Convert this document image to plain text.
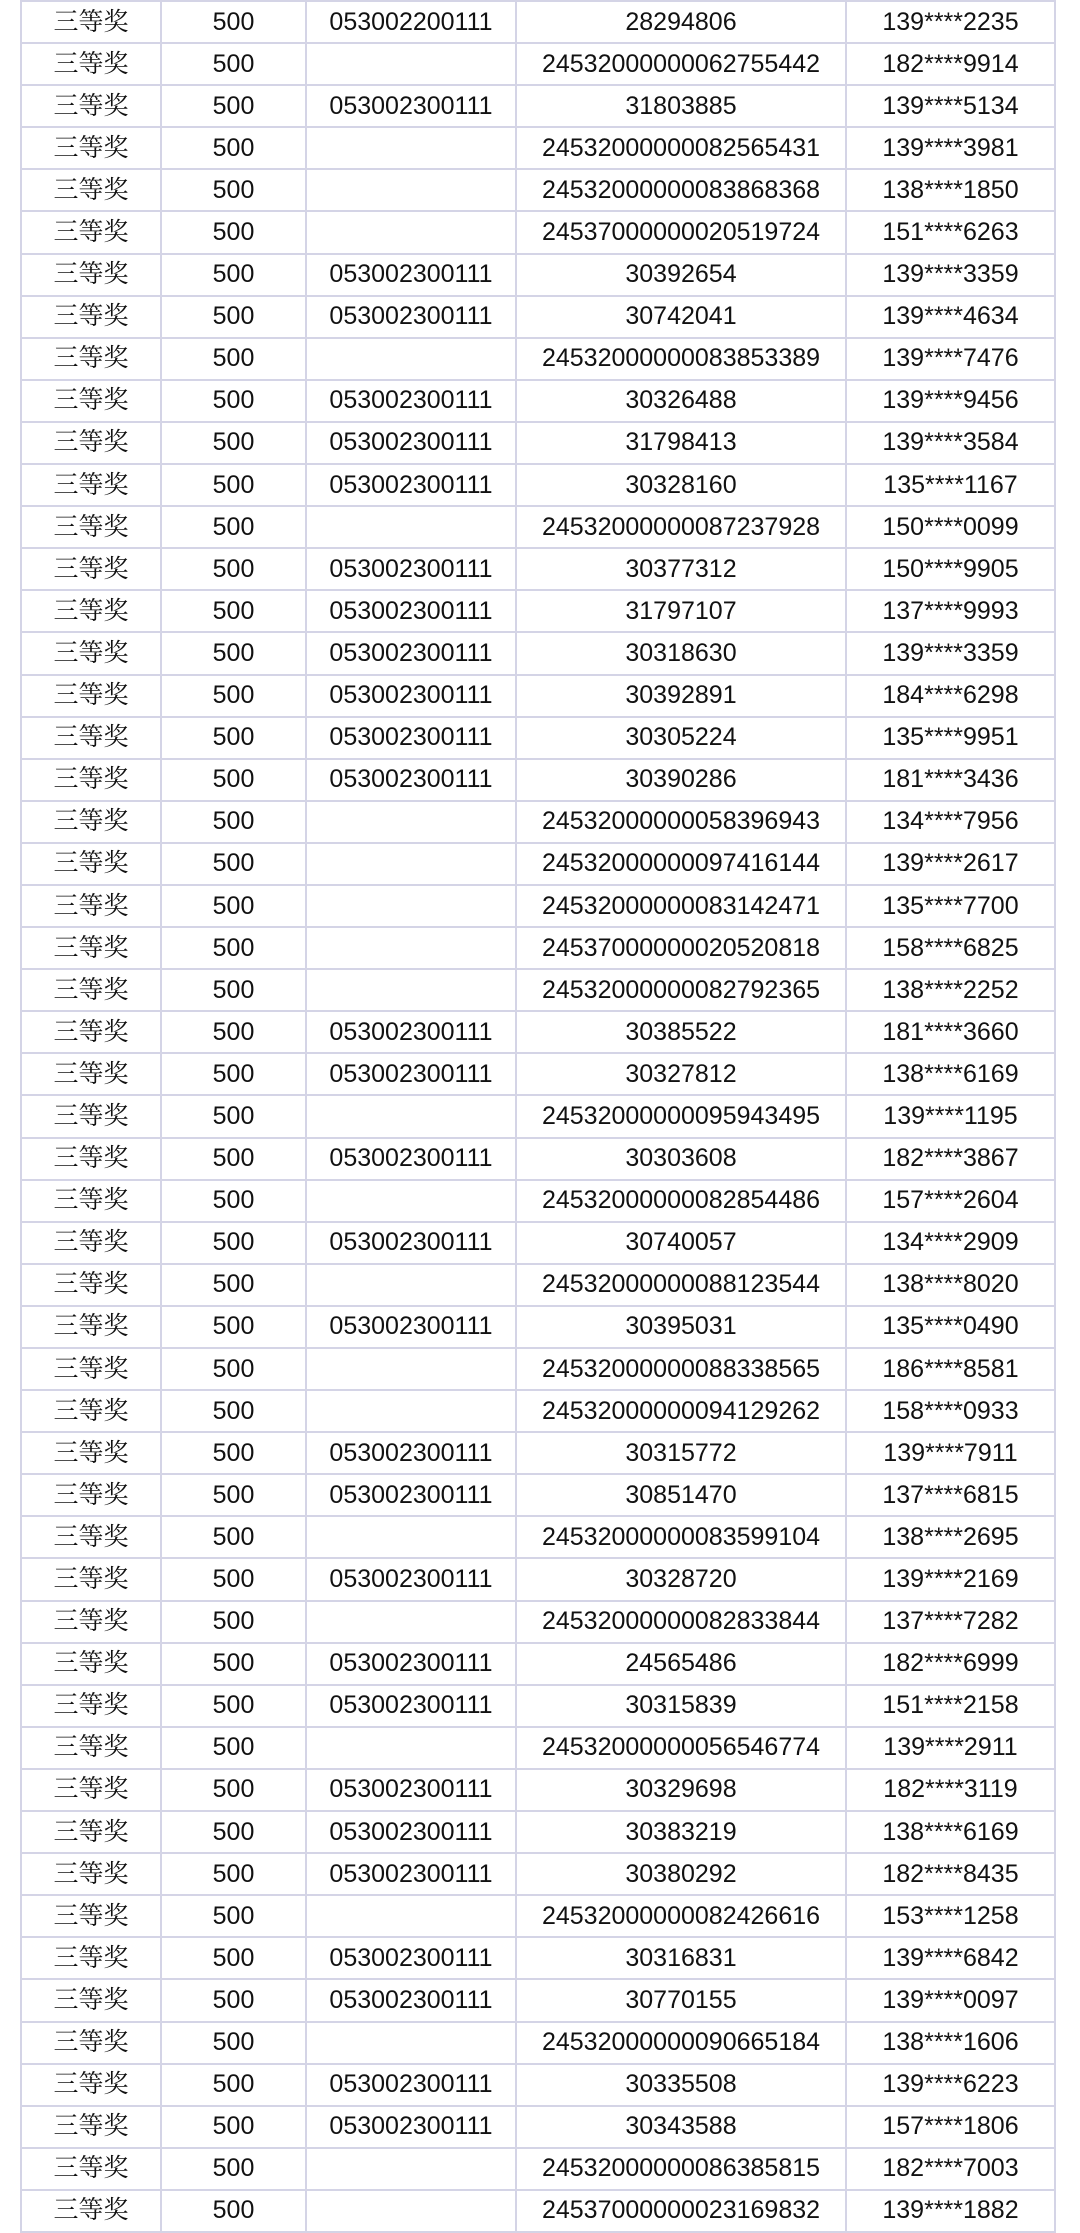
三等奖	500	053002200111	28294806	139****2235
三等奖	500		24532000000062755442	182****9914
三等奖	500	053002300111	31803885	139****5134
三等奖	500		24532000000082565431	139****3981
三等奖	500		24532000000083868368	138****1850
三等奖	500		24537000000020519724	151****6263
三等奖	500	053002300111	30392654	139****3359
三等奖	500	053002300111	30742041	139****4634
三等奖	500		24532000000083853389	139****7476
三等奖	500	053002300111	30326488	139****9456
三等奖	500	053002300111	31798413	139****3584
三等奖	500	053002300111	30328160	135****1167
三等奖	500		24532000000087237928	150****0099
三等奖	500	053002300111	30377312	150****9905
三等奖	500	053002300111	31797107	137****9993
三等奖	500	053002300111	30318630	139****3359
三等奖	500	053002300111	30392891	184****6298
三等奖	500	053002300111	30305224	135****9951
三等奖	500	053002300111	30390286	181****3436
三等奖	500		24532000000058396943	134****7956
三等奖	500		24532000000097416144	139****2617
三等奖	500		24532000000083142471	135****7700
三等奖	500		24537000000020520818	158****6825
三等奖	500		24532000000082792365	138****2252
三等奖	500	053002300111	30385522	181****3660
三等奖	500	053002300111	30327812	138****6169
三等奖	500		24532000000095943495	139****1195
三等奖	500	053002300111	30303608	182****3867
三等奖	500		24532000000082854486	157****2604
三等奖	500	053002300111	30740057	134****2909
三等奖	500		24532000000088123544	138****8020
三等奖	500	053002300111	30395031	135****0490
三等奖	500		24532000000088338565	186****8581
三等奖	500		24532000000094129262	158****0933
三等奖	500	053002300111	30315772	139****7911
三等奖	500	053002300111	30851470	137****6815
三等奖	500		24532000000083599104	138****2695
三等奖	500	053002300111	30328720	139****2169
三等奖	500		24532000000082833844	137****7282
三等奖	500	053002300111	24565486	182****6999
三等奖	500	053002300111	30315839	151****2158
三等奖	500		24532000000056546774	139****2911
三等奖	500	053002300111	30329698	182****3119
三等奖	500	053002300111	30383219	138****6169
三等奖	500	053002300111	30380292	182****8435
三等奖	500		24532000000082426616	153****1258
三等奖	500	053002300111	30316831	139****6842
三等奖	500	053002300111	30770155	139****0097
三等奖	500		24532000000090665184	138****1606
三等奖	500	053002300111	30335508	139****6223
三等奖	500	053002300111	30343588	157****1806
三等奖	500		24532000000086385815	182****7003
三等奖	500		24537000000023169832	139****1882
